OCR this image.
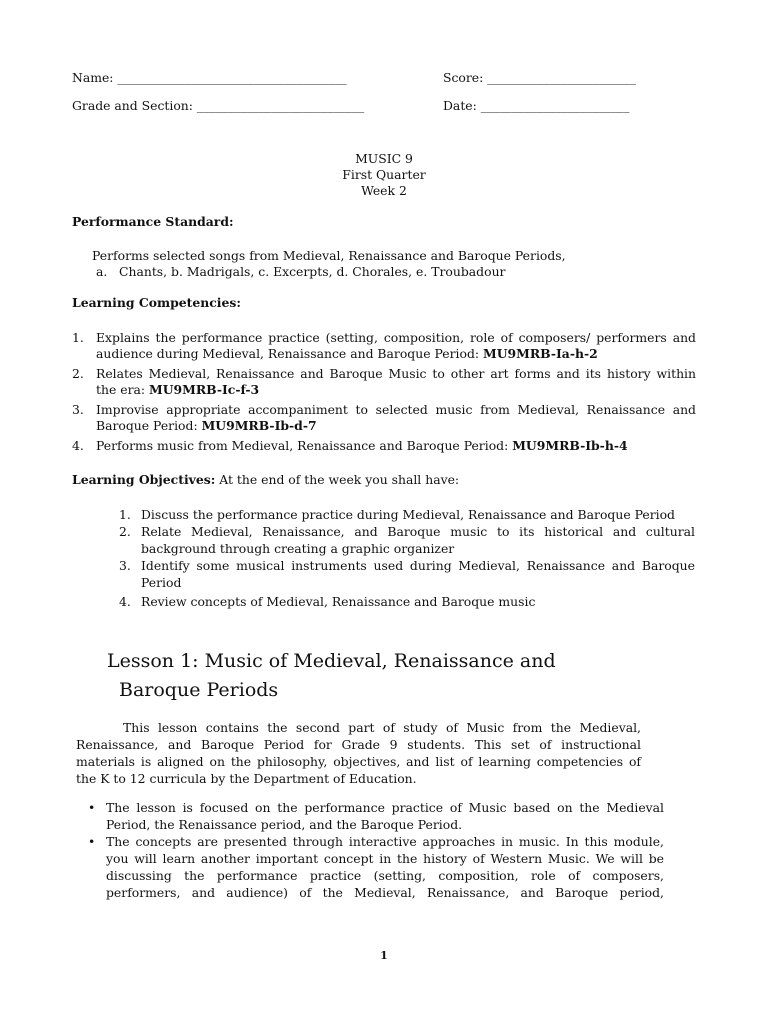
Name: _____________________________________	Score: ________________________
Grade and Section: ___________________________	Date: ________________________
MUSIC 9
First Quarter
Week 2
Performance Standard:
Performs selected songs from Medieval, Renaissance and Baroque Periods,
a. Chants, b. Madrigals, c. Excerpts, d. Chorales, e. Troubadour
Learning Competencies:
1. Explains the performance practice (setting, composition, role of composers/ performers and
audience during Medieval, Renaissance and Baroque Period: MU9MRB-Ia-h-2
2. Relates Medieval, Renaissance and Baroque Music to other art forms and its history within
the era: MU9MRB-Ic-f-3
3. Improvise appropriate accompaniment to selected music from Medieval, Renaissance and
Baroque Period: MU9MRB-Ib-d-7
4. Performs music from Medieval, Renaissance and Baroque Period: MU9MRB-Ib-h-4
Learning Objectives: At the end of the week you shall have:
1. Discuss the performance practice during Medieval, Renaissance and Baroque Period
2. Relate Medieval, Renaissance, and Baroque music to its historical and cultural
background through creating a graphic organizer
3. Identify some musical instruments used during Medieval, Renaissance and Baroque
Period
4. Review concepts of Medieval, Renaissance and Baroque music
Lesson 1: Music of Medieval, Renaissance and
Baroque Periods
This lesson contains the second part of study of Music from the Medieval,
Renaissance, and Baroque Period for Grade 9 students. This set of instructional
materials is aligned on the philosophy, objectives, and list of learning competencies of
the K to 12 curricula by the Department of Education.
• The lesson is focused on the performance practice of Music based on the Medieval
Period, the Renaissance period, and the Baroque Period.
• The concepts are presented through interactive approaches in music. In this module,
you will learn another important concept in the history of Western Music. We will be
discussing the performance practice (setting, composition, role of composers,
performers, and audience) of the Medieval, Renaissance, and Baroque period,
1
